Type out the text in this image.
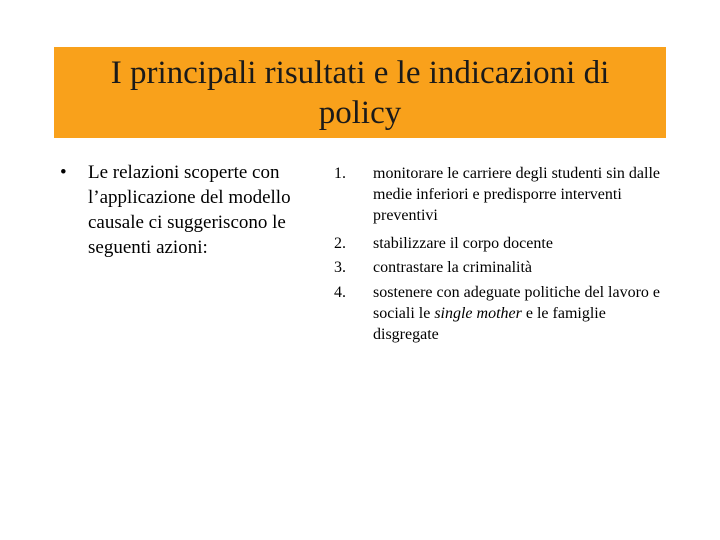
I principali risultati e le indicazioni di policy
•	Le relazioni scoperte con l’applicazione del modello causale ci suggeriscono le seguenti azioni:
1. monitorare le carriere degli studenti sin dalle medie inferiori e predisporre interventi preventivi
2. stabilizzare il corpo docente
3. contrastare la criminalità
4. sostenere con adeguate politiche del lavoro e sociali le single mother e le famiglie disgregate
